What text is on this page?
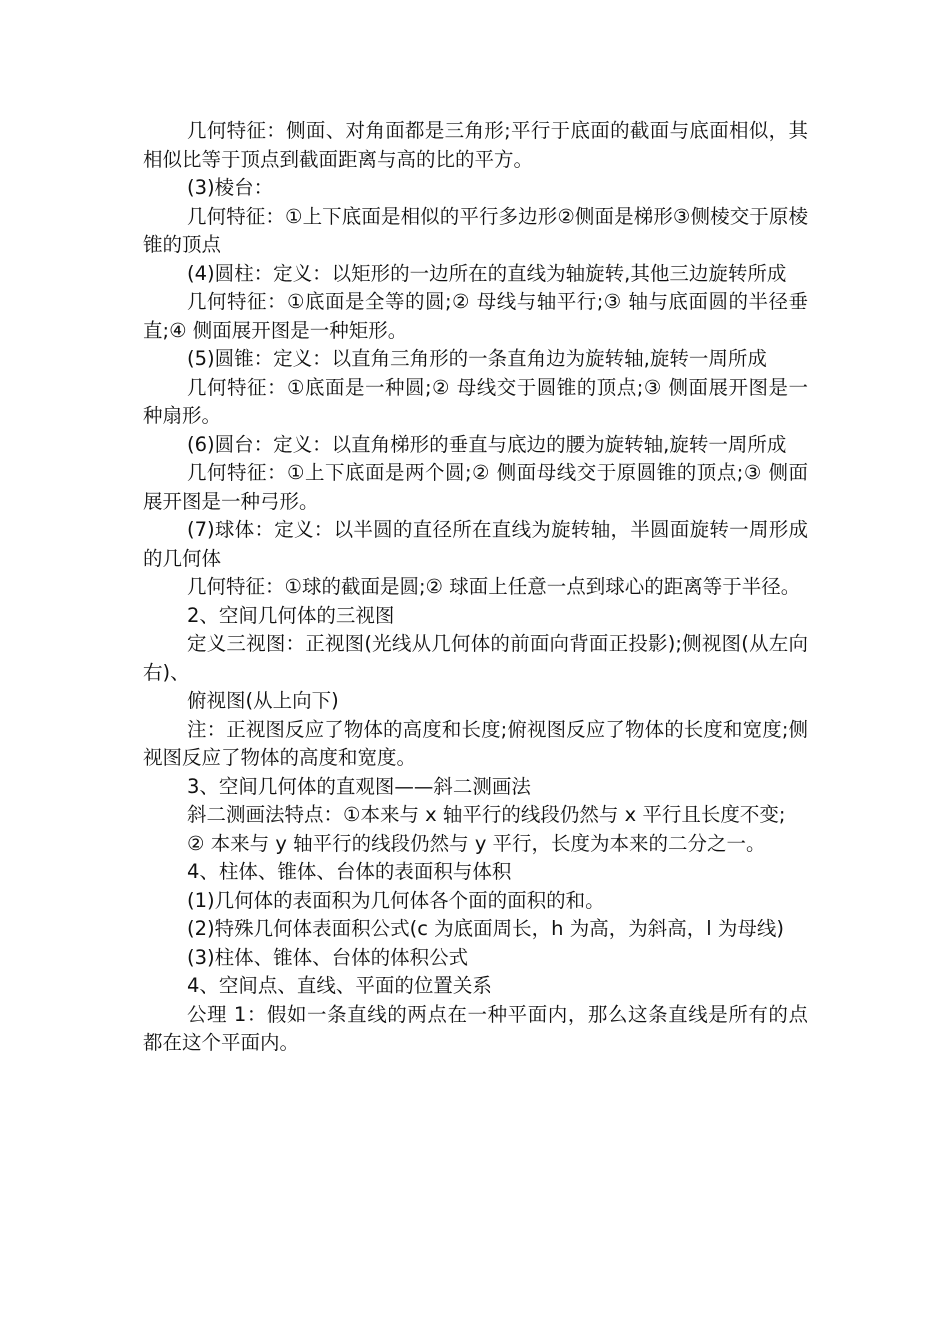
几何特征：侧面、对角面都是三角形;平行于底面的截面与底面相似，其相似比等于顶点到截面距离与高的比的平方。

(3)棱台：

几何特征：①上下底面是相似的平行多边形②侧面是梯形③侧棱交于原棱锥的顶点

(4)圆柱：定义：以矩形的一边所在的直线为轴旋转,其他三边旋转所成

几何特征：①底面是全等的圆;② 母线与轴平行;③ 轴与底面圆的半径垂直;④ 侧面展开图是一种矩形。

(5)圆锥：定义：以直角三角形的一条直角边为旋转轴,旋转一周所成

几何特征：①底面是一种圆;② 母线交于圆锥的顶点;③ 侧面展开图是一种扇形。

(6)圆台：定义：以直角梯形的垂直与底边的腰为旋转轴,旋转一周所成

几何特征：①上下底面是两个圆;② 侧面母线交于原圆锥的顶点;③ 侧面展开图是一种弓形。

(7)球体：定义：以半圆的直径所在直线为旋转轴，半圆面旋转一周形成的几何体

几何特征：①球的截面是圆;② 球面上任意一点到球心的距离等于半径。

2、空间几何体的三视图

定义三视图：正视图(光线从几何体的前面向背面正投影);侧视图(从左向右)、

俯视图(从上向下)

注：正视图反应了物体的高度和长度;俯视图反应了物体的长度和宽度;侧视图反应了物体的高度和宽度。

3、空间几何体的直观图——斜二测画法

斜二测画法特点：①本来与 x 轴平行的线段仍然与 x 平行且长度不变;

② 本来与 y 轴平行的线段仍然与 y 平行，长度为本来的二分之一。

4、柱体、锥体、台体的表面积与体积

(1)几何体的表面积为几何体各个面的面积的和。

(2)特殊几何体表面积公式(c 为底面周长，h 为高，为斜高，l 为母线)

(3)柱体、锥体、台体的体积公式

4、空间点、直线、平面的位置关系

公理 1：假如一条直线的两点在一种平面内，那么这条直线是所有的点都在这个平面内。
